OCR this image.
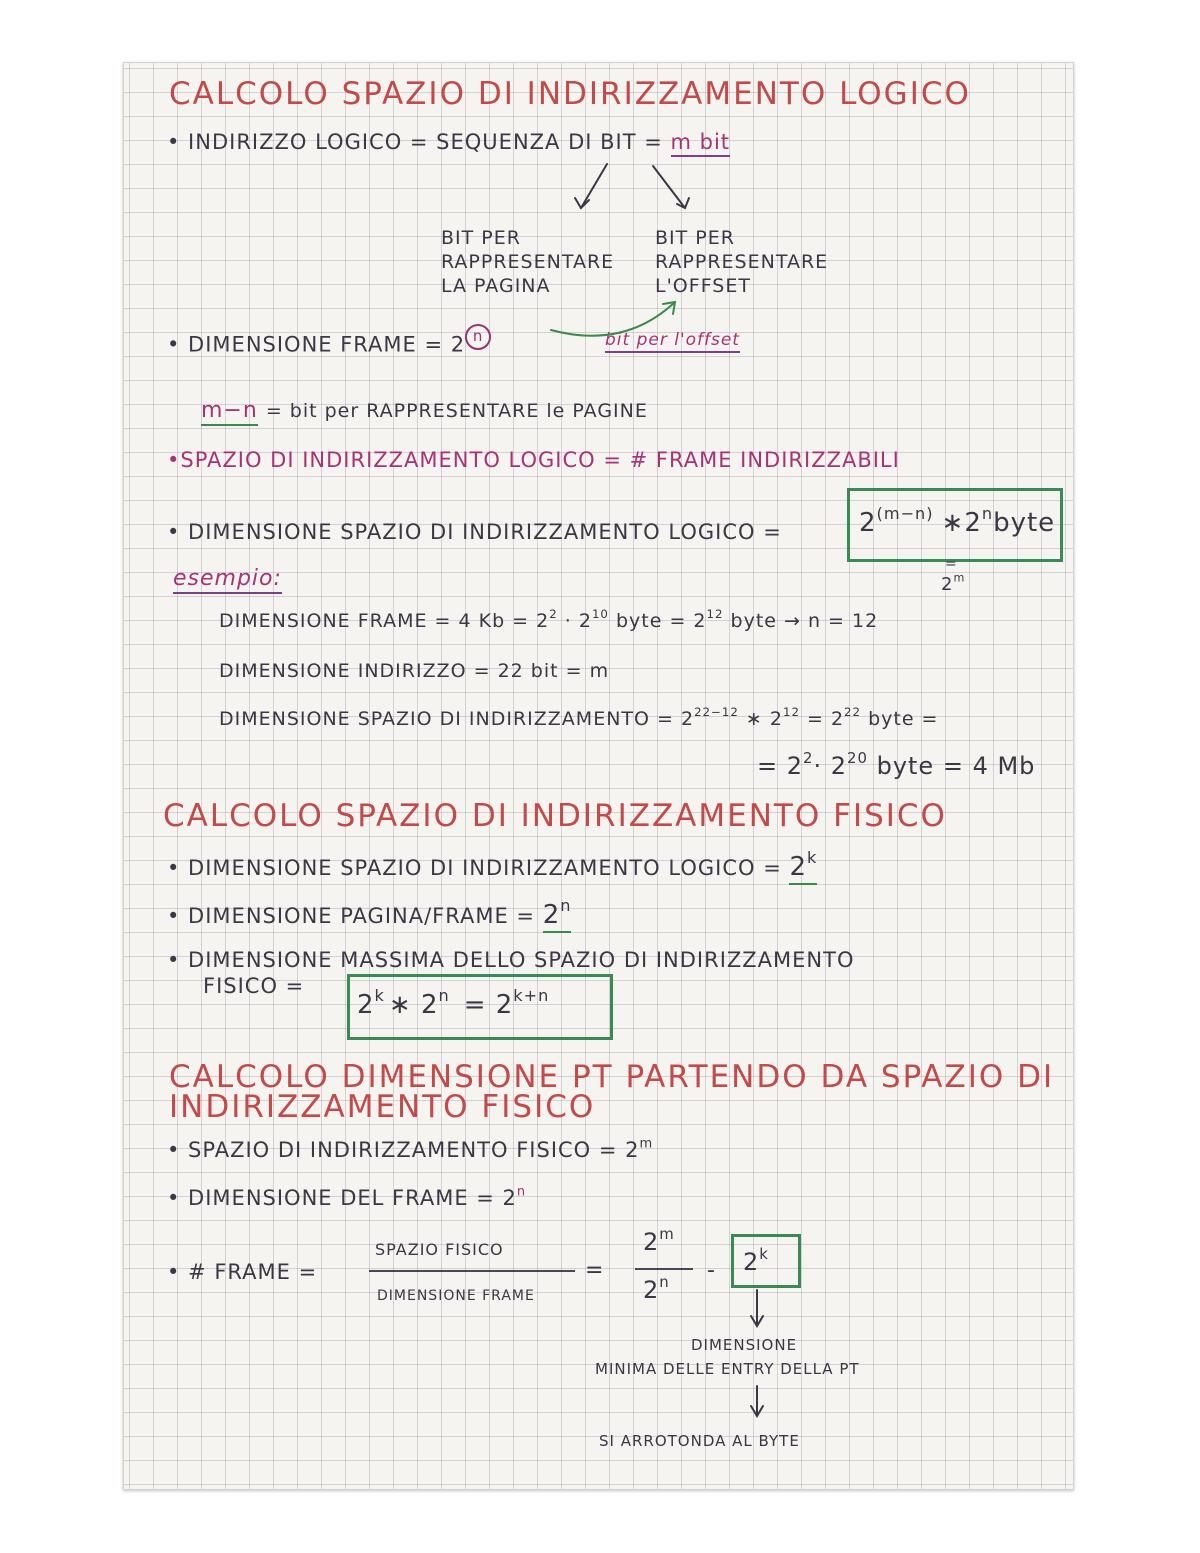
CALCOLO SPAZIO DI INDIRIZZAMENTO LOGICO
• INDIRIZZO LOGICO = SEQUENZA DI BIT = m bit
BIT PER
RAPPRESENTARE
LA PAGINA
BIT PER
RAPPRESENTARE
L'OFFSET
• DIMENSIONE FRAME = 2 n	bit per l'offset
m−n = bit per RAPPRESENTARE le PAGINE
•SPAZIO DI INDIRIZZAMENTO LOGICO = # FRAME INDIRIZZABILI
• DIMENSIONE SPAZIO DI INDIRIZZAMENTO LOGICO =	$2^{(m-n)}$ $∗2^nbyte$
=
$2^m$
esempio:
DIMENSIONE FRAME = 4 $Kb = 2^2 \cdot 2^{10}$ byte = $2^{12}$ byte → n = 12
DIMENSIONE INDIRIZZO = 22 bit = m
DIMENSIONE SPAZIO DI INDIRIZZAMENTO = $2^{22-12}$ ∗ $2^{12} = 2^{22}$ byte =
= $2^2\cdot 2^{20}$ byte = 4 Mb
CALCOLO SPAZIO DI INDIRIZZAMENTO FISICO
• DIMENSIONE SPAZIO DI INDIRIZZAMENTO LOGICO = $2^k$
• DIMENSIONE PAGINA/FRAME = $2^n$
• DIMENSIONE MASSIMA DELLO SPAZIO DI INDIRIZZAMENTO
FISICO =
$2^k$ ∗ $2^n = 2^{k+n}$
CALCOLO DIMENSIONE PT PARTENDO DA SPAZIO DI
INDIRIZZAMENTO FISICO
• SPAZIO DI INDIRIZZAMENTO FISICO = $2^m$
• DIMENSIONE DEL FRAME = $2^n$
• # FRAME =
SPAZIO FISICO
DIMENSIONE FRAME
=
$2^m$
2$^n$ - 2$^k$
DIMENSIONE
MINIMA DELLE ENTRY DELLA PT
SI ARROTONDA AL BYTE
